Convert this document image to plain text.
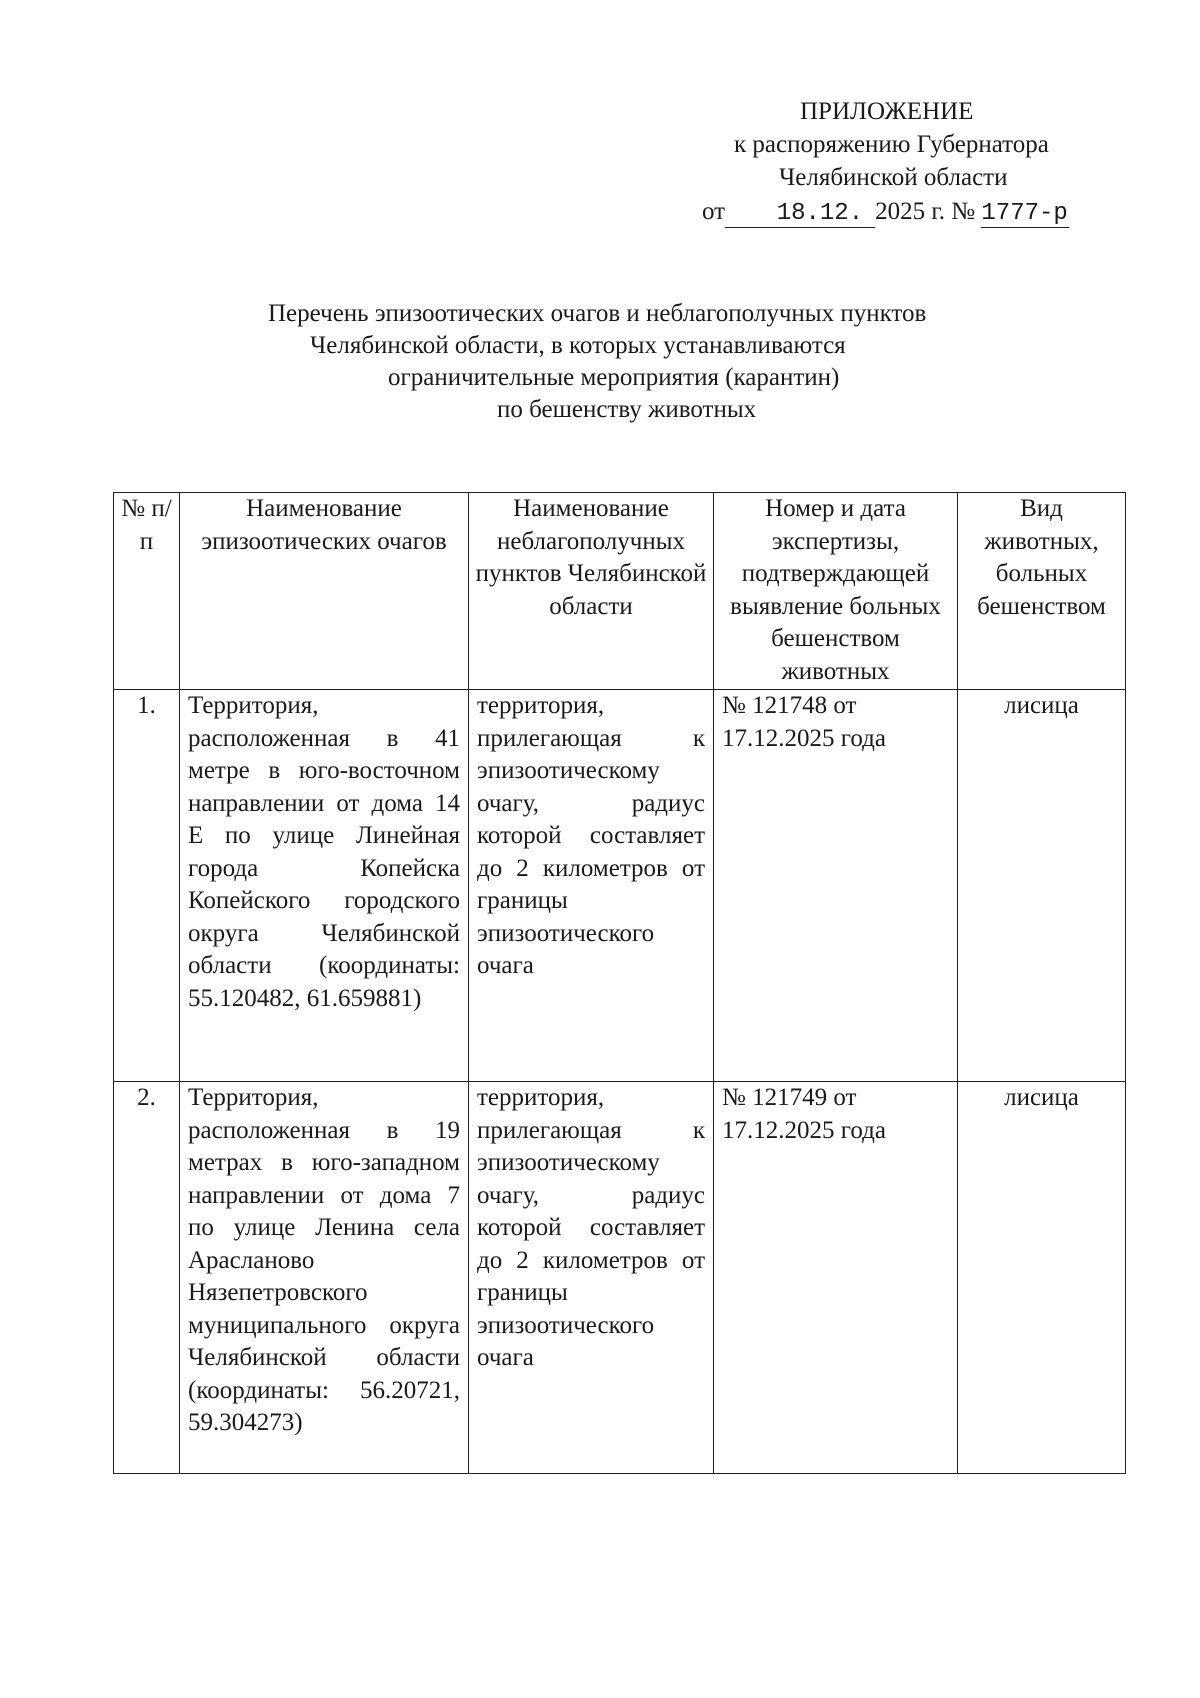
ПРИЛОЖЕНИЕ
к распоряжению Губернатора
Челябинской области
от 18.12. 2025 г. № 1777-р
Перечень эпизоотических очагов и неблагополучных пунктов
Челябинской области, в которых устанавливаются
ограничительные мероприятия (карантин)
по бешенству животных
№ п/п	Наименование эпизоотических очагов	Наименование неблагополучных пунктов Челябинской области	Номер и дата экспертизы, подтверждающей выявление больных бешенством животных	Вид животных, больных бешенством
1.	Территория, расположенная в 41 метре в юго-восточном направлении от дома 14 Е по улице Линейная города Копейска Копейского городского округа Челябинской области (координаты: 55.120482, 61.659881)	территория, прилегающая к эпизоотическому очагу, радиус которой составляет до 2 километров от границы эпизоотического очага	№ 121748 от 17.12.2025 года	лисица
2.	Территория, расположенная в 19 метрах в юго-западном направлении от дома 7 по улице Ленина села Арасланово Нязепетровского муниципального округа Челябинской области (координаты: 56.20721, 59.304273)	территория, прилегающая к эпизоотическому очагу, радиус которой составляет до 2 километров от границы эпизоотического очага	№ 121749 от 17.12.2025 года	лисица
